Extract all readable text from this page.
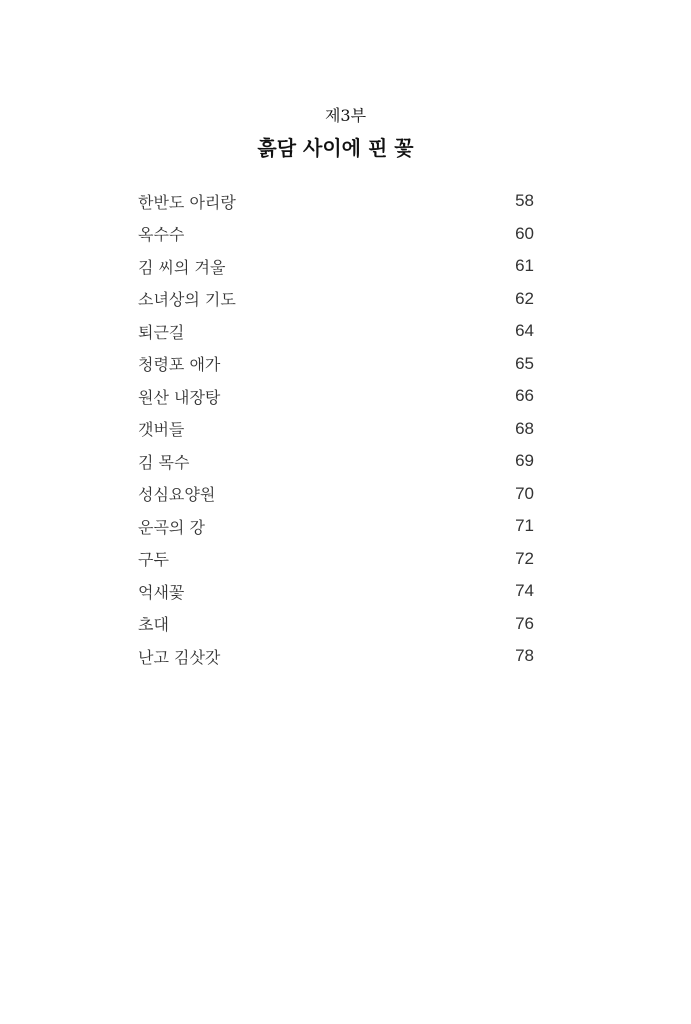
제3부
흙담 사이에 핀 꽃
한반도 아리랑	58
옥수수	60
김 씨의 겨울	61
소녀상의 기도	62
퇴근길	64
청령포 애가	65
원산 내장탕	66
갯버들	68
김 목수	69
성심요양원	70
운곡의 강	71
구두	72
억새꽃	74
초대	76
난고 김삿갓	78
